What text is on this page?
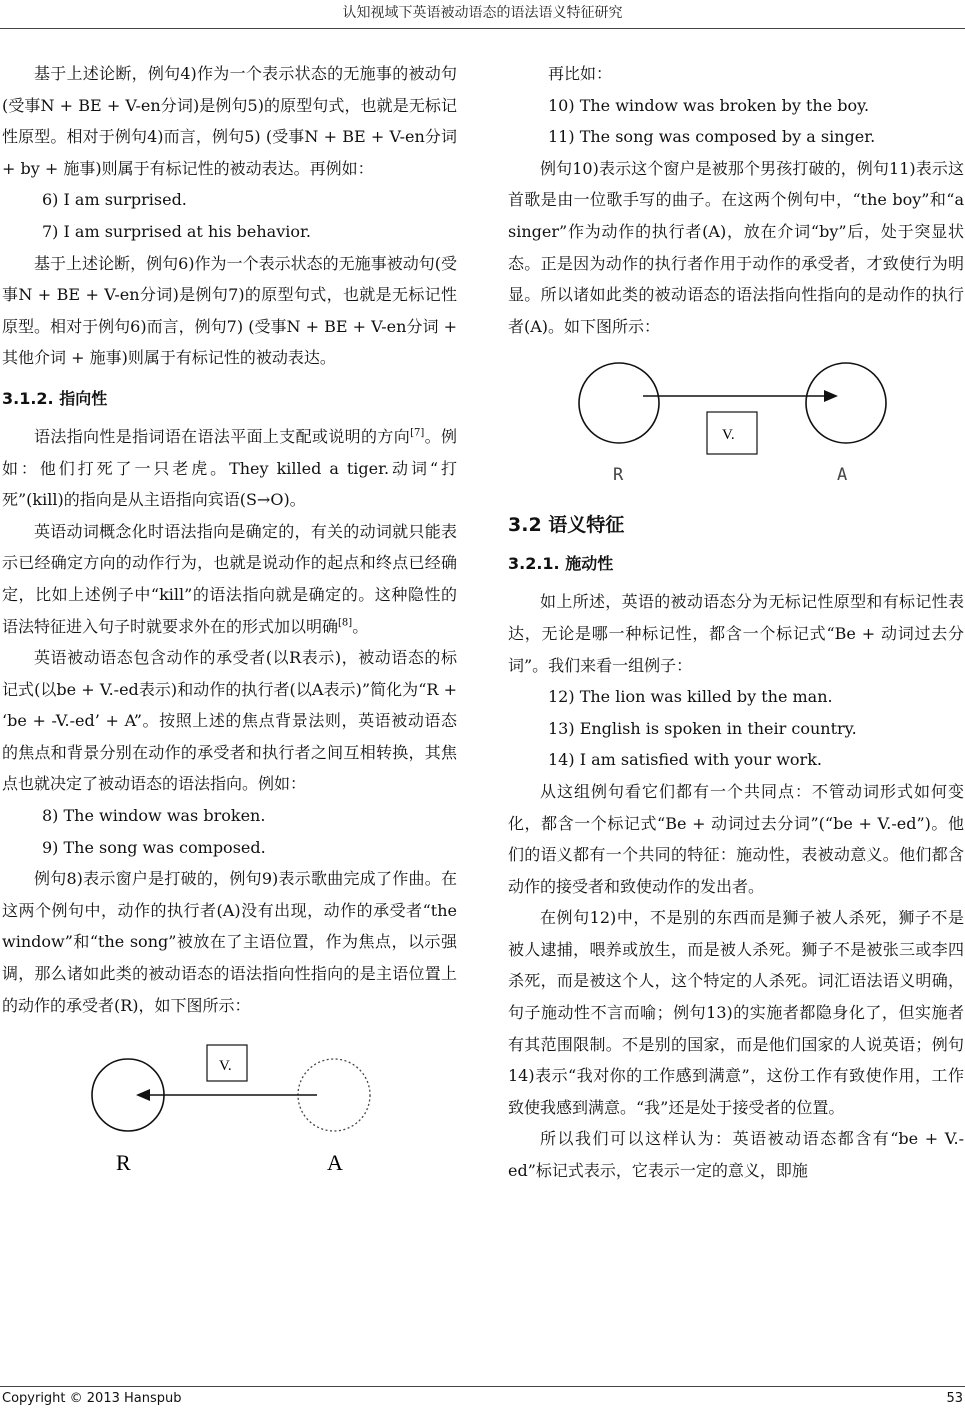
认知视域下英语被动语态的语法语义特征研究

基于上述论断，例句4)作为一个表示状态的无施事的被动句(受事N + BE + V-en分词)是例句5)的原型句式，也就是无标记性原型。相对于例句4)而言，例句5) (受事N + BE + V-en分词 + by + 施事)则属于有标记性的被动表达。再例如：

6) I am surprised.

7) I am surprised at his behavior.

基于上述论断，例句6)作为一个表示状态的无施事被动句(受事N + BE + V-en分词)是例句7)的原型句式，也就是无标记性原型。相对于例句6)而言，例句7) (受事N + BE + V-en分词 + 其他介词 + 施事)则属于有标记性的被动表达。

3.1.2. 指向性

语法指向性是指词语在语法平面上支配或说明的方向[7]。例如：他们打死了一只老虎。They killed a tiger.动词“打死”(kill)的指向是从主语指向宾语(S→O)。

英语动词概念化时语法指向是确定的，有关的动词就只能表示已经确定方向的动作行为，也就是说动作的起点和终点已经确定，比如上述例子中“kill”的语法指向就是确定的。这种隐性的语法特征进入句子时就要求外在的形式加以明确[8]。

英语被动语态包含动作的承受者(以R表示)，被动语态的标记式(以be + V.-ed表示)和动作的执行者(以A表示)”简化为“R + ‘be + -V.-ed’ + A”。按照上述的焦点背景法则，英语被动语态的焦点和背景分别在动作的承受者和执行者之间互相转换，其焦点也就决定了被动语态的语法指向。例如：

8) The window was broken.

9) The song was composed.

例句8)表示窗户是打破的，例句9)表示歌曲完成了作曲。在这两个例句中，动作的执行者(A)没有出现，动作的承受者“the window”和“the song”被放在了主语位置，作为焦点，以示强调，那么诸如此类的被动语态的语法指向性指向的是主语位置上的动作的承受者(R)，如下图所示：

V.
R	A

再比如：

10) The window was broken by the boy.

11) The song was composed by a singer.

例句10)表示这个窗户是被那个男孩打破的，例句11)表示这首歌是由一位歌手写的曲子。在这两个例句中，“the boy”和“a singer”作为动作的执行者(A)，放在介词“by”后，处于突显状态。正是因为动作的执行者作用于动作的承受者，才致使行为明显。所以诸如此类的被动语态的语法指向性指向的是动作的执行者(A)。如下图所示：

V.
R	A
3.2 语义特征
3.2.1. 施动性

如上所述，英语的被动语态分为无标记性原型和有标记性表达，无论是哪一种标记性，都含一个标记式“Be + 动词过去分词”。我们来看一组例子：

12) The lion was killed by the man.

13) English is spoken in their country.

14) I am satisfied with your work.

从这组例句看它们都有一个共同点：不管动词形式如何变化，都含一个标记式“Be + 动词过去分词”(“be + V.-ed”)。他们的语义都有一个共同的特征：施动性，表被动意义。他们都含动作的接受者和致使动作的发出者。

在例句12)中，不是别的东西而是狮子被人杀死，狮子不是被人逮捕，喂养或放生，而是被人杀死。狮子不是被张三或李四杀死，而是被这个人，这个特定的人杀死。词汇语法语义明确，句子施动性不言而喻；例句13)的实施者都隐身化了，但实施者有其范围限制。不是别的国家，而是他们国家的人说英语；例句14)表示“我对你的工作感到满意”，这份工作有致使作用，工作致使我感到满意。“我”还是处于接受者的位置。

所以我们可以这样认为：英语被动语态都含有“be + V.-ed”标记式表示，它表示一定的意义，即施

Copyright © 2013 Hanspub	53
